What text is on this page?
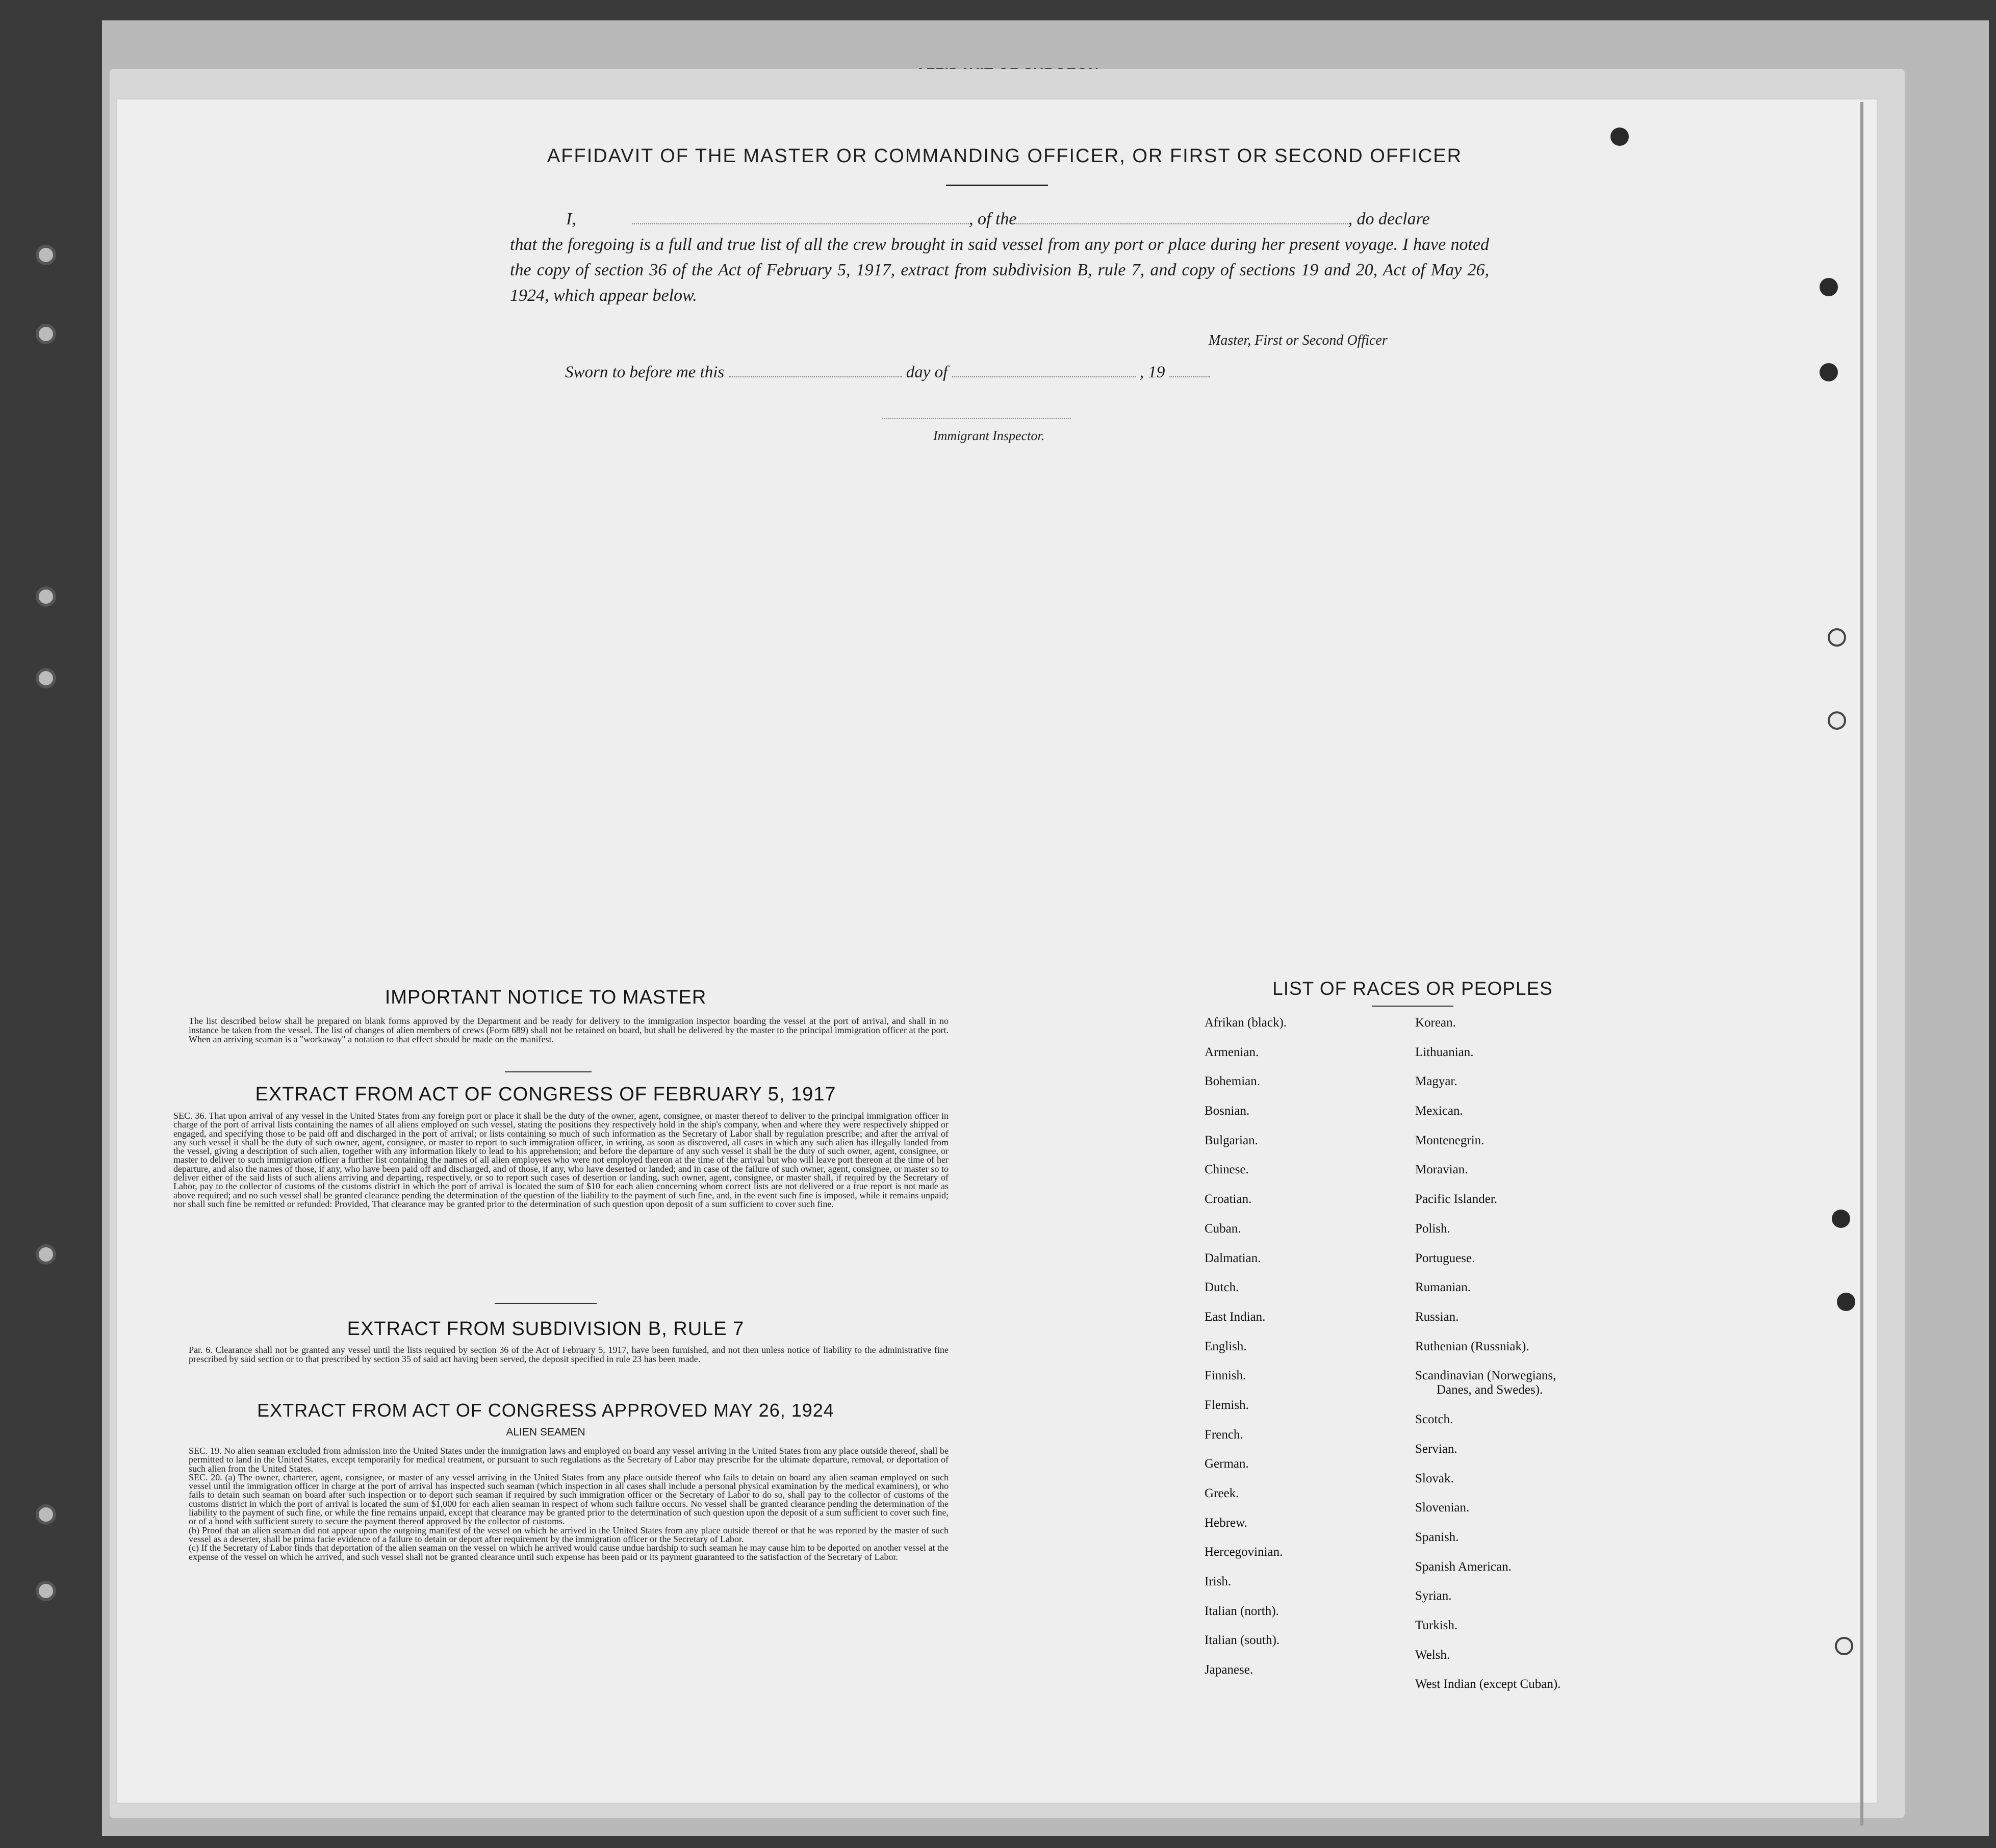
AFFIDAVIT OF THE MASTER OR COMMANDING OFFICER, OR FIRST OR SECOND OFFICER
I,	, of the	, do declare
that the foregoing is a full and true list of all the crew brought in said vessel from any port or place during her present voyage. I have noted the copy of section 36 of the Act of February 5, 1917, extract from subdivision B, rule 7, and copy of sections 19 and 20, Act of May 26, 1924, which appear below.
Master, First or Second Officer
Sworn to before me this	day of	, 19
Immigrant Inspector.
IMPORTANT NOTICE TO MASTER
The list described below shall be prepared on blank forms approved by the Department and be ready for delivery to the immigration inspector boarding the vessel at the port of arrival, and shall in no instance be taken from the vessel. The list of changes of alien members of crews (Form 689) shall not be retained on board, but shall be delivered by the master to the principal immigration officer at the port. When an arriving seaman is a "workaway" a notation to that effect should be made on the manifest.
EXTRACT FROM ACT OF CONGRESS OF FEBRUARY 5, 1917
SEC. 36. That upon arrival of any vessel in the United States from any foreign port or place it shall be the duty of the owner, agent, consignee, or master thereof to deliver to the principal immigration officer in charge of the port of arrival lists containing the names of all aliens employed on such vessel, stating the positions they respectively hold in the ship's company, when and where they were respectively shipped or engaged, and specifying those to be paid off and discharged in the port of arrival; or lists containing so much of such information as the Secretary of Labor shall by regulation prescribe; and after the arrival of any such vessel it shall be the duty of such owner, agent, consignee, or master to report to such immigration officer, in writing, as soon as discovered, all cases in which any such alien has illegally landed from the vessel, giving a description of such alien, together with any information likely to lead to his apprehension; and before the departure of any such vessel it shall be the duty of such owner, agent, consignee, or master to deliver to such immigration officer a further list containing the names of all alien employees who were not employed thereon at the time of the arrival but who will leave port thereon at the time of her departure, and also the names of those, if any, who have been paid off and discharged, and of those, if any, who have deserted or landed; and in case of the failure of such owner, agent, consignee, or master so to deliver either of the said lists of such aliens arriving and departing, respectively, or so to report such cases of desertion or landing, such owner, agent, consignee, or master shall, if required by the Secretary of Labor, pay to the collector of customs of the customs district in which the port of arrival is located the sum of $10 for each alien concerning whom correct lists are not delivered or a true report is not made as above required; and no such vessel shall be granted clearance pending the determination of the question of the liability to the payment of such fine, and, in the event such fine is imposed, while it remains unpaid; nor shall such fine be remitted or refunded: Provided, That clearance may be granted prior to the determination of such question upon deposit of a sum sufficient to cover such fine.
EXTRACT FROM SUBDIVISION B, RULE 7
Par. 6. Clearance shall not be granted any vessel until the lists required by section 36 of the Act of February 5, 1917, have been furnished, and not then unless notice of liability to the administrative fine prescribed by said section or to that prescribed by section 35 of said act having been served, the deposit specified in rule 23 has been made.
EXTRACT FROM ACT OF CONGRESS APPROVED MAY 26, 1924
ALIEN SEAMEN
SEC. 19. No alien seaman excluded from admission into the United States under the immigration laws and employed on board any vessel arriving in the United States from any place outside thereof, shall be permitted to land in the United States, except temporarily for medical treatment, or pursuant to such regulations as the Secretary of Labor may prescribe for the ultimate departure, removal, or deportation of such alien from the United States.
SEC. 20. (a) The owner, charterer, agent, consignee, or master of any vessel arriving in the United States from any place outside thereof who fails to detain on board any alien seaman employed on such vessel until the immigration officer in charge at the port of arrival has inspected such seaman (which inspection in all cases shall include a personal physical examination by the medical examiners), or who fails to detain such seaman on board after such inspection or to deport such seaman if required by such immigration officer or the Secretary of Labor to do so, shall pay to the collector of customs of the customs district in which the port of arrival is located the sum of $1,000 for each alien seaman in respect of whom such failure occurs. No vessel shall be granted clearance pending the determination of the liability to the payment of such fine, or while the fine remains unpaid, except that clearance may be granted prior to the determination of such question upon the deposit of a sum sufficient to cover such fine, or of a bond with sufficient surety to secure the payment thereof approved by the collector of customs.
(b) Proof that an alien seaman did not appear upon the outgoing manifest of the vessel on which he arrived in the United States from any place outside thereof or that he was reported by the master of such vessel as a deserter, shall be prima facie evidence of a failure to detain or deport after requirement by the immigration officer or the Secretary of Labor.
(c) If the Secretary of Labor finds that deportation of the alien seaman on the vessel on which he arrived would cause undue hardship to such seaman he may cause him to be deported on another vessel at the expense of the vessel on which he arrived, and such vessel shall not be granted clearance until such expense has been paid or its payment guaranteed to the satisfaction of the Secretary of Labor.
LIST OF RACES OR PEOPLES
Afrikan (black).
Armenian.
Bohemian.
Bosnian.
Bulgarian.
Chinese.
Croatian.
Cuban.
Dalmatian.
Dutch.
East Indian.
English.
Finnish.
Flemish.
French.
German.
Greek.
Hebrew.
Hercegovinian.
Irish.
Italian (north).
Italian (south).
Japanese.
Korean.
Lithuanian.
Magyar.
Mexican.
Montenegrin.
Moravian.
Pacific Islander.
Polish.
Portuguese.
Rumanian.
Russian.
Ruthenian (Russniak).
Scandinavian (Norwegians,
Danes, and Swedes).
Scotch.
Servian.
Slovak.
Slovenian.
Spanish.
Spanish American.
Syrian.
Turkish.
Welsh.
West Indian (except Cuban).
